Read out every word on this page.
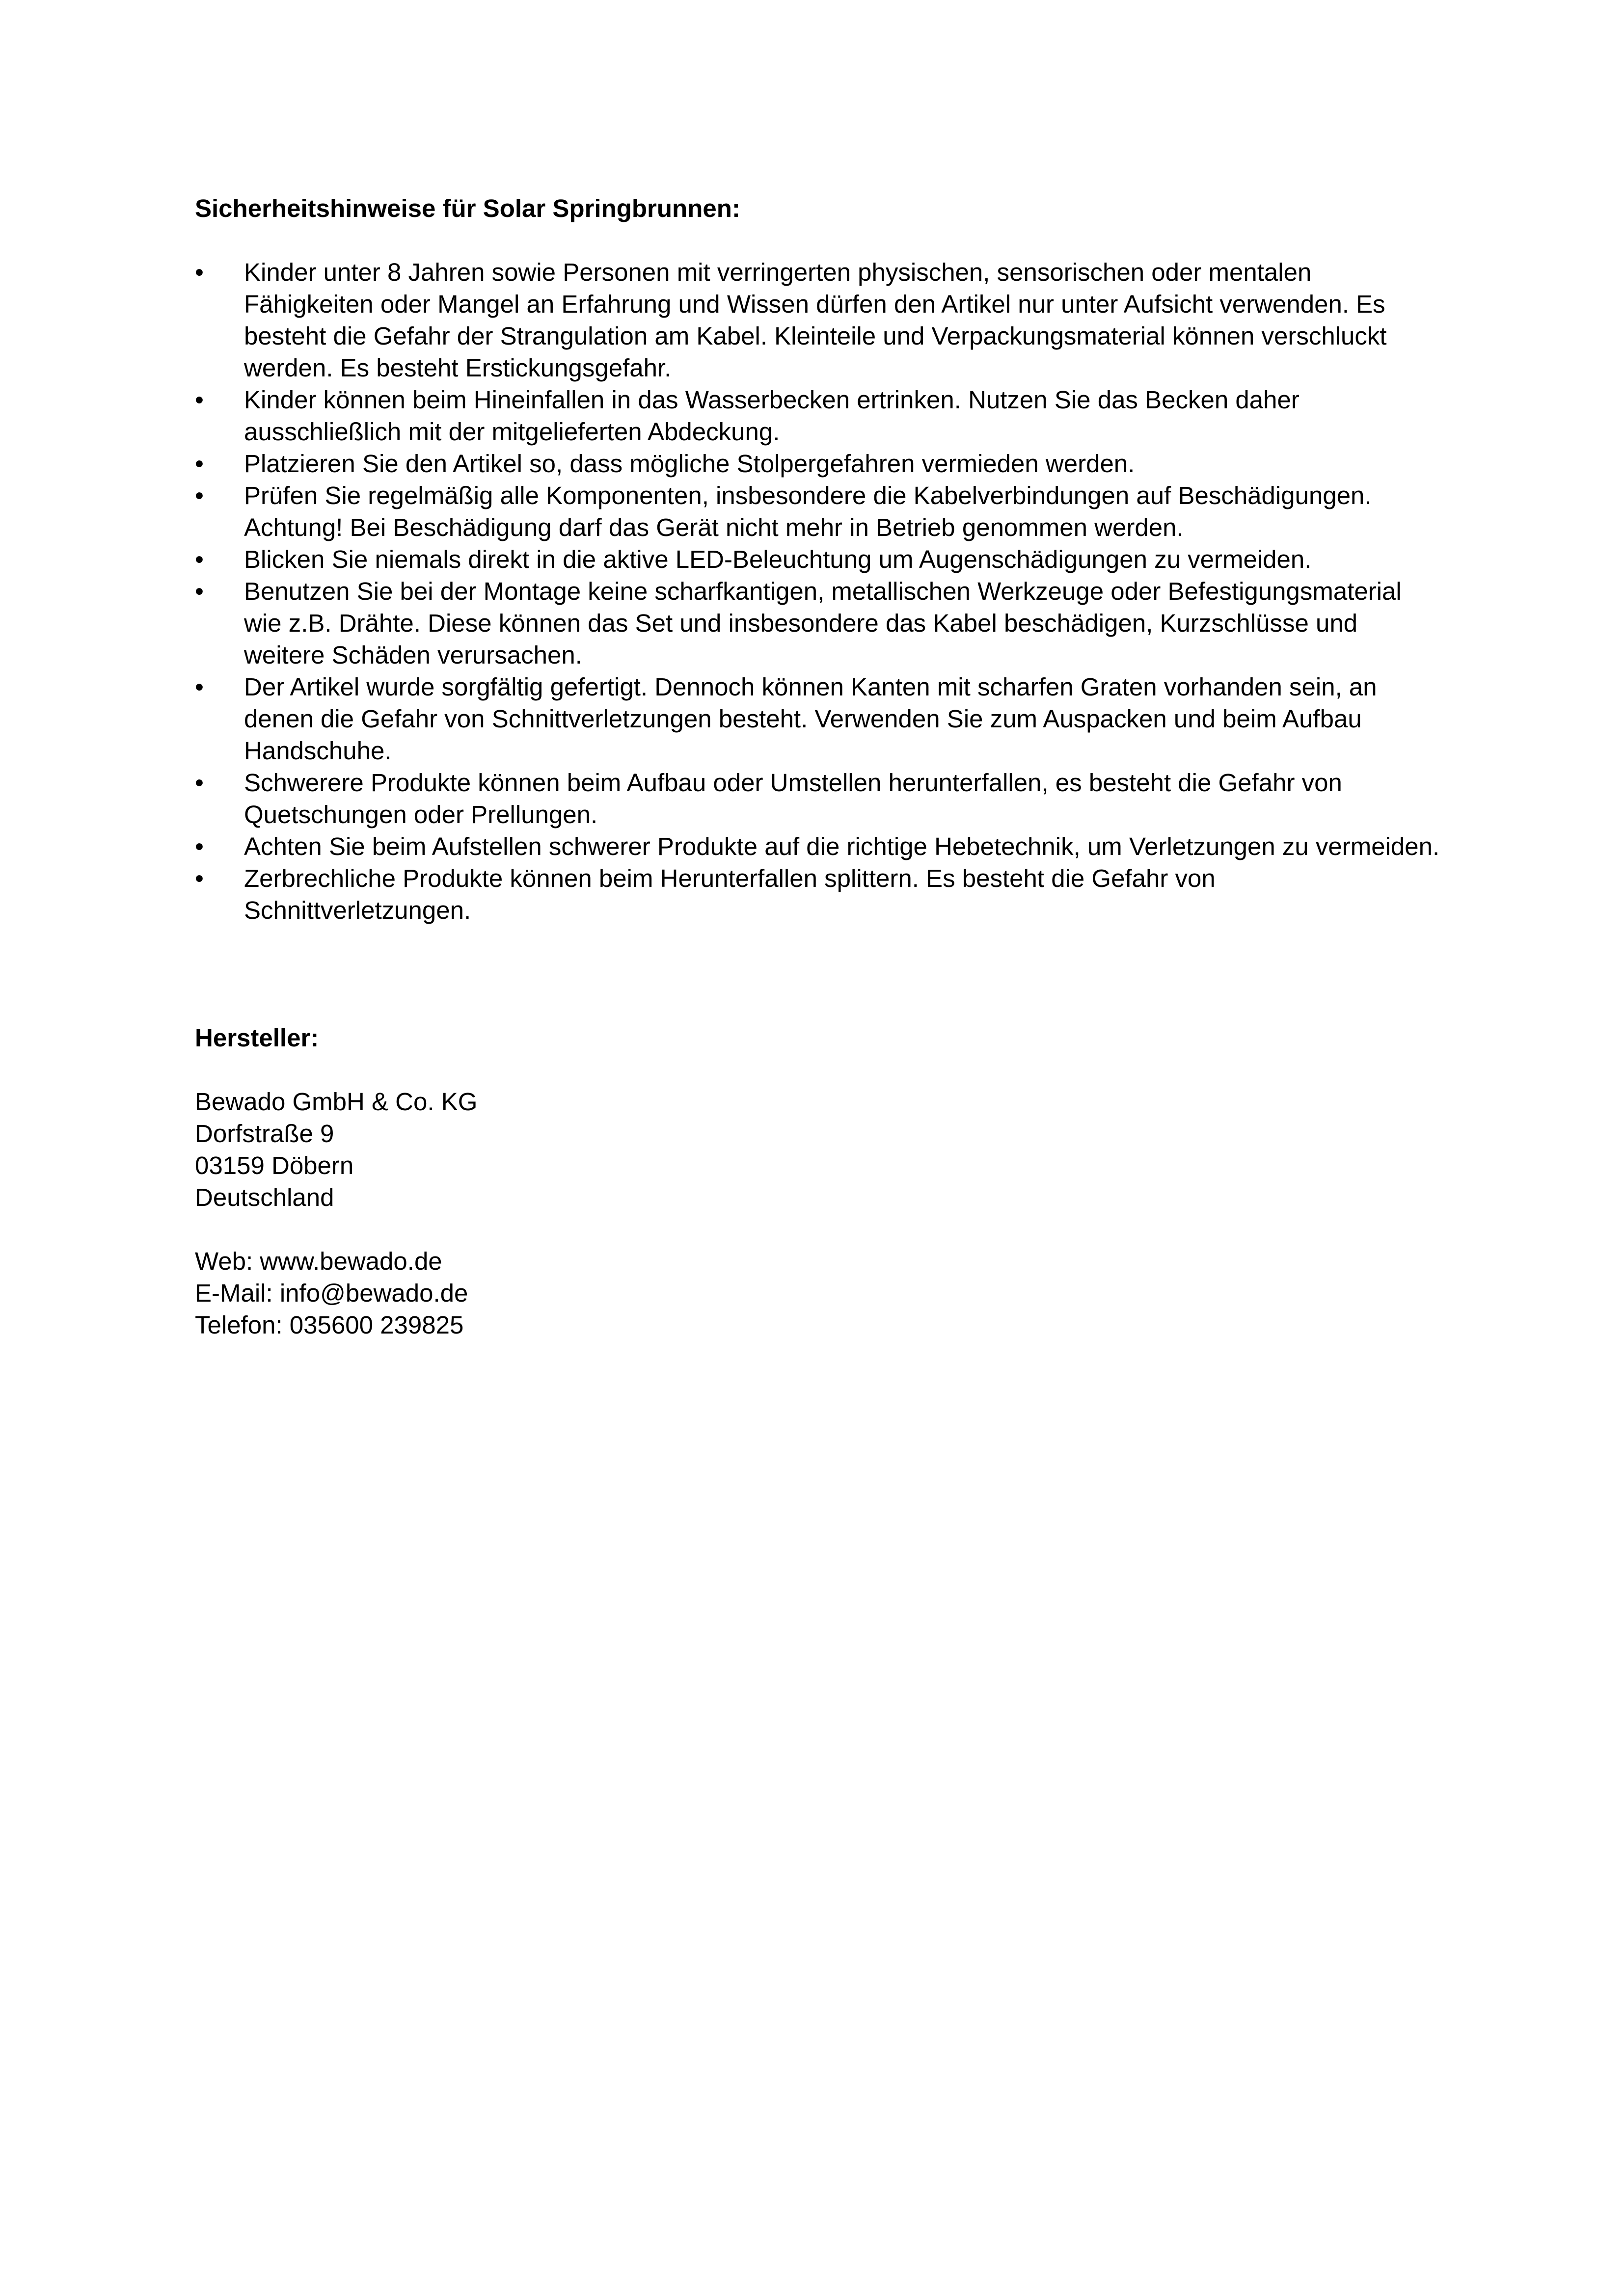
Sicherheitshinweise für Solar Springbrunnen:

•	Kinder unter 8 Jahren sowie Personen mit verringerten physischen, sensorischen oder mentalen Fähigkeiten oder Mangel an Erfahrung und Wissen dürfen den Artikel nur unter Aufsicht verwenden. Es besteht die Gefahr der Strangulation am Kabel. Kleinteile und Verpackungsmaterial können verschluckt werden. Es besteht Erstickungsgefahr.
•	Kinder können beim Hineinfallen in das Wasserbecken ertrinken. Nutzen Sie das Becken daher ausschließlich mit der mitgelieferten Abdeckung.
•	Platzieren Sie den Artikel so, dass mögliche Stolpergefahren vermieden werden.
•	Prüfen Sie regelmäßig alle Komponenten, insbesondere die Kabelverbindungen auf Beschädigungen. Achtung! Bei Beschädigung darf das Gerät nicht mehr in Betrieb genommen werden.
•	Blicken Sie niemals direkt in die aktive LED-Beleuchtung um Augenschädigungen zu vermeiden.
•	Benutzen Sie bei der Montage keine scharfkantigen, metallischen Werkzeuge oder Befestigungsmaterial wie z.B. Drähte. Diese können das Set und insbesondere das Kabel beschädigen, Kurzschlüsse und weitere Schäden verursachen.
•	Der Artikel wurde sorgfältig gefertigt. Dennoch können Kanten mit scharfen Graten vorhanden sein, an denen die Gefahr von Schnittverletzungen besteht. Verwenden Sie zum Auspacken und beim Aufbau Handschuhe.
•	Schwerere Produkte können beim Aufbau oder Umstellen herunterfallen, es besteht die Gefahr von Quetschungen oder Prellungen.
•	Achten Sie beim Aufstellen schwerer Produkte auf die richtige Hebetechnik, um Verletzungen zu vermeiden.
•	Zerbrechliche Produkte können beim Herunterfallen splittern. Es besteht die Gefahr von Schnittverletzungen.

Hersteller:

Bewado GmbH & Co. KG
Dorfstraße 9
03159 Döbern
Deutschland
Web: www.bewado.de
E-Mail: info@bewado.de
Telefon: 035600 239825
